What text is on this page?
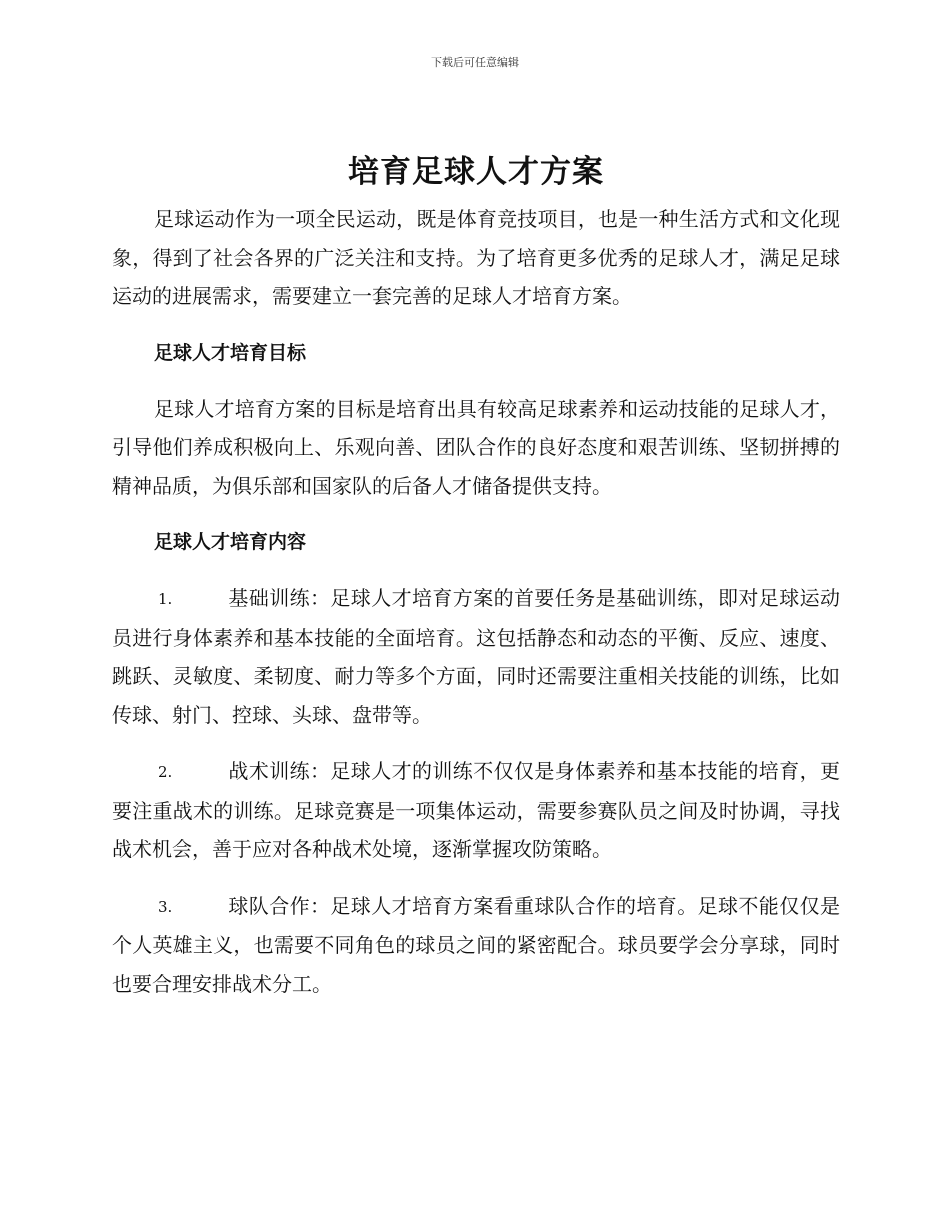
下载后可任意编辑
培育足球人才方案

足球运动作为一项全民运动，既是体育竞技项目，也是一种生活方式和文化现象，得到了社会各界的广泛关注和支持。为了培育更多优秀的足球人才，满足足球运动的进展需求，需要建立一套完善的足球人才培育方案。

足球人才培育目标

足球人才培育方案的目标是培育出具有较高足球素养和运动技能的足球人才，引导他们养成积极向上、乐观向善、团队合作的良好态度和艰苦训练、坚韧拼搏的精神品质，为俱乐部和国家队的后备人才储备提供支持。

足球人才培育内容
1.	基础训练：足球人才培育方案的首要任务是基础训练，即对足球运动员进行身体素养和基本技能的全面培育。这包括静态和动态的平衡、反应、速度、跳跃、灵敏度、柔韧度、耐力等多个方面，同时还需要注重相关技能的训练，比如传球、射门、控球、头球、盘带等。
2.	战术训练：足球人才的训练不仅仅是身体素养和基本技能的培育，更要注重战术的训练。足球竞赛是一项集体运动，需要参赛队员之间及时协调，寻找战术机会，善于应对各种战术处境，逐渐掌握攻防策略。
3.	球队合作：足球人才培育方案看重球队合作的培育。足球不能仅仅是个人英雄主义，也需要不同角色的球员之间的紧密配合。球员要学会分享球，同时也要合理安排战术分工。
